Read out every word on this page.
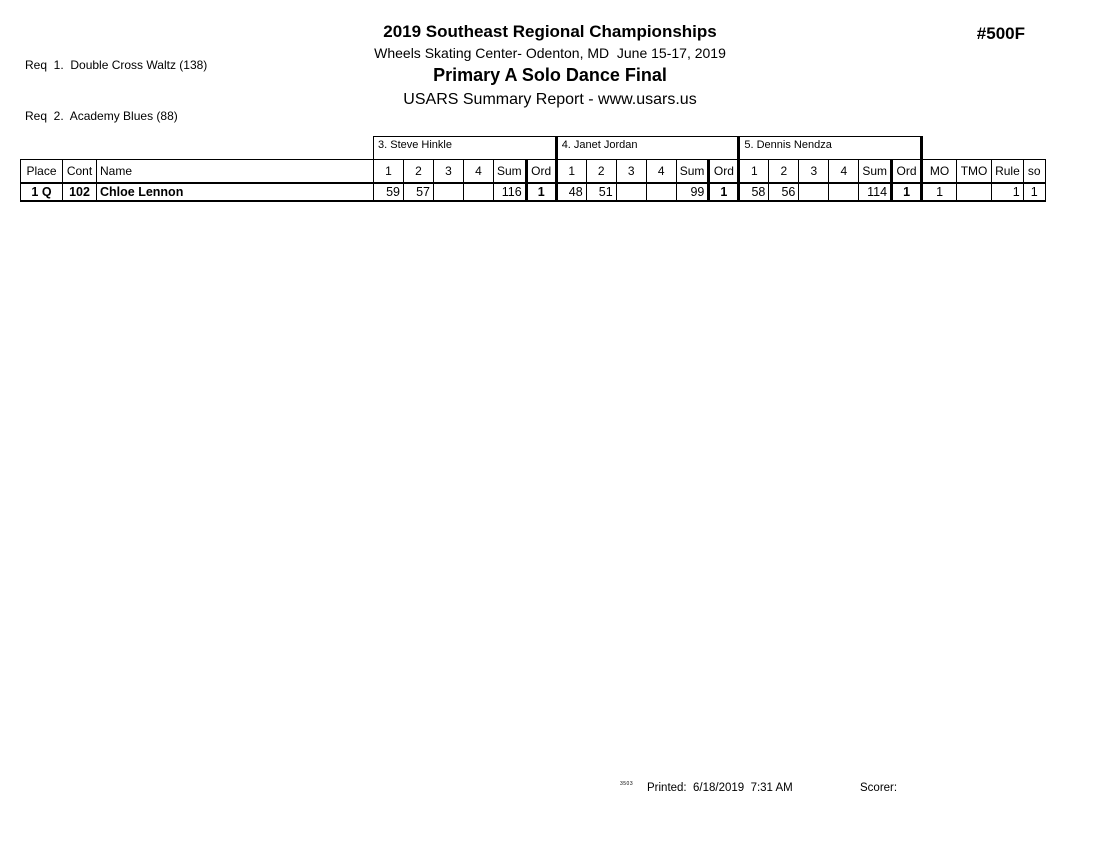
Req  1.  Double Cross Waltz (138)

Req  2.  Academy Blues (88)

2019 Southeast Regional Championships
Wheels Skating Center- Odenton, MD  June 15-17, 2019
Primary A Solo Dance Final
USARS Summary Report - www.usars.us
#500F
			3. Steve Hinkle						4. Janet Jordan						5. Dennis Nendza									
Place	Cont	Name	1	2	3	4	Sum	Ord	1	2	3	4	Sum	Ord	1	2	3	4	Sum	Ord	MO	TMO	Rule	so
1 Q	102	Chloe Lennon	59	57			116	1	48	51			99	1	58	56			114	1	1		1	1
3503 Printed:  6/18/2019  7:31 AM	Scorer:
